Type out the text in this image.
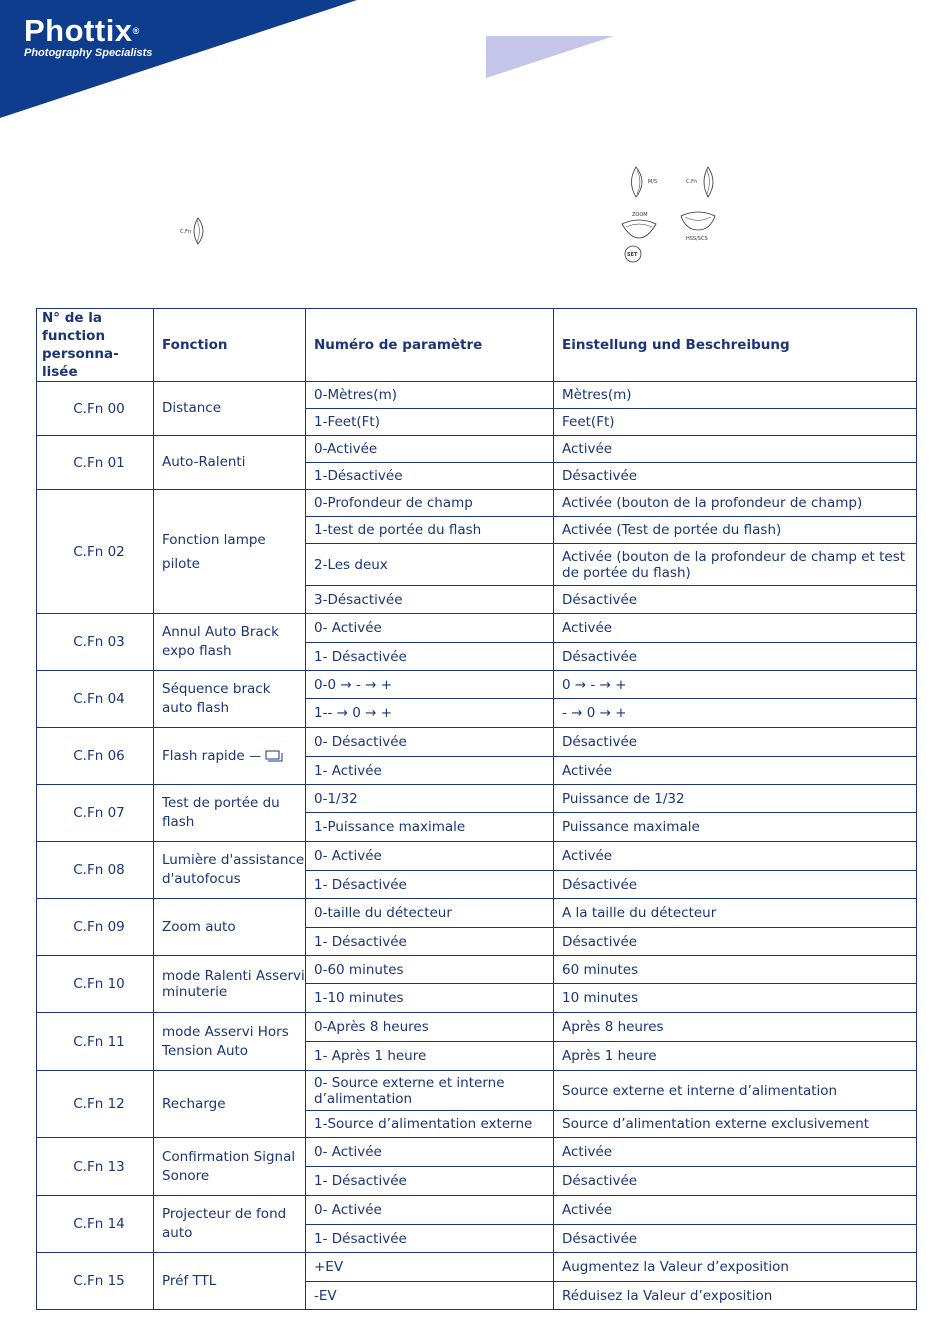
Phottix®
Photography Specialists
C.Fn
M/S	C.Fn
ZOOM
HSS/SCS
SET
N° de la function personna-lisée	Fonction	Numéro de paramètre	Einstellung und Beschreibung
C.Fn 00	Distance	0-Mètres(m)	Mètres(m)
		1-Feet(Ft)	Feet(Ft)
C.Fn 01	Auto-Ralenti	0-Activée	Activée
		1-Désactivée	Désactivée
C.Fn 02	Fonction lampe pilote	0-Profondeur de champ	Activée (bouton de la profondeur de champ)
		1-test de portée du flash	Activée (Test de portée du flash)
		2-Les deux	Activée (bouton de la profondeur de champ et test de portée du flash)
		3-Désactivée	Désactivée
C.Fn 03	Annul Auto Brack expo flash	0- Activée	Activée
		1- Désactivée	Désactivée
C.Fn 04	Séquence brack auto flash	0-0 → - → +	0 → - → +
		1-- → 0 → +	- → 0 → +
C.Fn 06	Flash rapide —	0- Désactivée	Désactivée
		1- Activée	Activée
C.Fn 07	Test de portée du flash	0-1/32	Puissance de 1/32
		1-Puissance maximale	Puissance maximale
C.Fn 08	Lumière d'assistance d'autofocus	0- Activée	Activée
		1- Désactivée	Désactivée
C.Fn 09	Zoom auto	0-taille du détecteur	A la taille du détecteur
		1- Désactivée	Désactivée
C.Fn 10	mode Ralenti Asservi minuterie	0-60 minutes	60 minutes
		1-10 minutes	10 minutes
C.Fn 11	mode Asservi Hors Tension Auto	0-Après 8 heures	Après 8 heures
		1- Après 1 heure	Après 1 heure
C.Fn 12	Recharge	0- Source externe et interne d’alimentation	Source externe et interne d’alimentation
		1-Source d’alimentation externe	Source d’alimentation externe exclusivement
C.Fn 13	Confirmation Signal Sonore	0- Activée	Activée
		1- Désactivée	Désactivée
C.Fn 14	Projecteur de fond auto	0- Activée	Activée
		1- Désactivée	Désactivée
C.Fn 15	Préf TTL	+EV	Augmentez la Valeur d’exposition
		-EV	Réduisez la Valeur d’exposition
